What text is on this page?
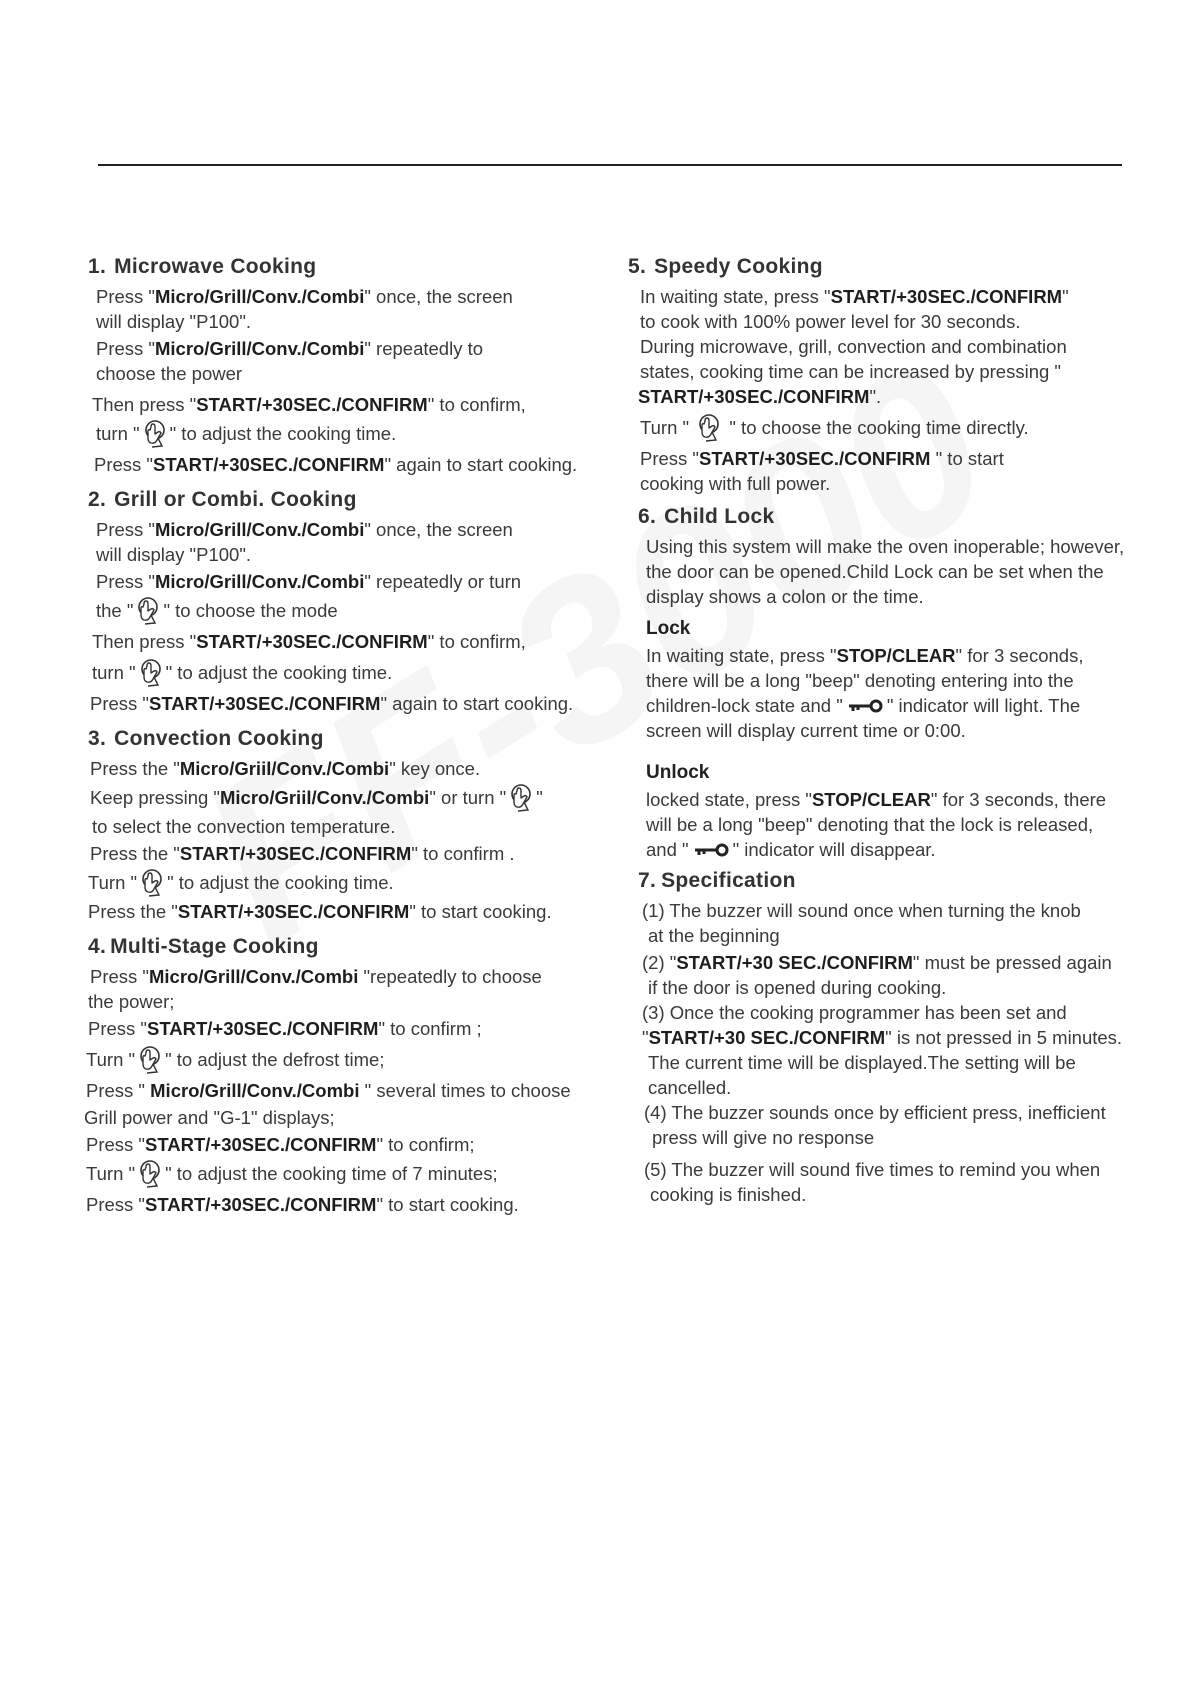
1. Microwave Cooking
Press "Micro/Grill/Conv./Combi" once, the screen
will display "P100".
Press "Micro/Grill/Conv./Combi" repeatedly to
choose the power
Then press "START/+30SEC./CONFIRM" to confirm,
turn " " to adjust the cooking time.
Press "START/+30SEC./CONFIRM" again to start cooking.
2. Grill or Combi. Cooking
Press "Micro/Grill/Conv./Combi" once, the screen
will display "P100".
Press "Micro/Grill/Conv./Combi" repeatedly or turn
the " " to choose the mode
Then press "START/+30SEC./CONFIRM" to confirm,
turn " " to adjust the cooking time.
Press "START/+30SEC./CONFIRM" again to start cooking.
3. Convection Cooking
Press the "Micro/Griil/Conv./Combi" key once.
Keep pressing "Micro/Griil/Conv./Combi" or turn " "
to select the convection temperature.
Press the "START/+30SEC./CONFIRM" to confirm .
Turn " " to adjust the cooking time.
Press the "START/+30SEC./CONFIRM" to start cooking.
4. Multi-Stage Cooking
Press "Micro/Grill/Conv./Combi "repeatedly to choose
the power;
Press "START/+30SEC./CONFIRM" to confirm ;
Turn " " to adjust the defrost time;
Press " Micro/Grill/Conv./Combi " several times to choose
Grill power and "G-1" displays;
Press "START/+30SEC./CONFIRM" to confirm;
Turn " " to adjust the cooking time of 7 minutes;
Press "START/+30SEC./CONFIRM" to start cooking.
5. Speedy Cooking
In waiting state, press "START/+30SEC./CONFIRM"
to cook with 100% power level for 30 seconds.
During microwave, grill, convection and combination
states, cooking time can be increased by pressing "
START/+30SEC./CONFIRM".
Turn "
" to choose the cooking time directly.
Press "START/+30SEC./CONFIRM " to start
cooking with full power.
6. Child Lock
Using this system will make the oven inoperable; however,
the door can be opened.Child Lock can be set when the
display shows a colon or the time.
Lock
In waiting state, press "STOP/CLEAR" for 3 seconds,
there will be a long "beep" denoting entering into the
children-lock state and " " indicator will light. The
screen will display current time or 0:00.
Unlock
locked state, press "STOP/CLEAR" for 3 seconds, there
will be a long "beep" denoting that the lock is released,
and " " indicator will disappear.
7. Specification
(1) The buzzer will sound once when turning the knob
at the beginning
(2) "START/+30 SEC./CONFIRM" must be pressed again
if the door is opened during cooking.
(3) Once the cooking programmer has been set and
"START/+30 SEC./CONFIRM" is not pressed in 5 minutes.
The current time will be displayed.The setting will be
cancelled.
(4) The buzzer sounds once by efficient press, inefficient
press will give no response
(5) The buzzer will sound five times to remind you when
cooking is finished.
